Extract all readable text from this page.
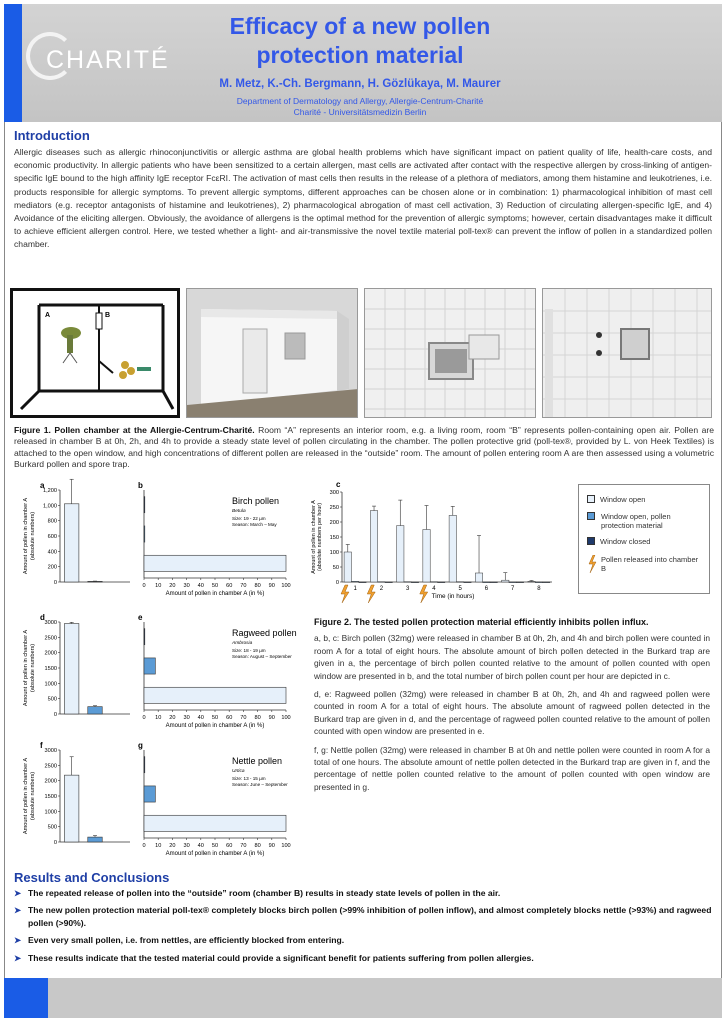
CHARITÉ
Efficacy of a new pollen protection material
M. Metz, K.-Ch. Bergmann, H. Gözlükaya, M. Maurer
Department of Dermatology and Allergy, Allergie-Centrum-Charité
Charité - Universitätsmedizin Berlin
Introduction
Allergic diseases such as allergic rhinoconjunctivitis or allergic asthma are global health problems which have significant impact on patient quality of life, health-care costs, and economic productivity. In allergic patients who have been sensitized to a certain allergen, mast cells are activated after contact with the respective allergen by cross-linking of antigen-specific IgE bound to the high affinity IgE receptor FcεRI. The activation of mast cells then results in the release of a plethora of mediators, among them histamine and leukotrienes, i.e. products responsible for allergic symptoms. To prevent allergic symptoms, different approaches can be chosen alone or in combination: 1) pharmacological inhibition of mast cell mediators (e.g. receptor antagonists of histamine and leukotrienes), 2) pharmacological abrogation of mast cell activation, 3) Reduction of circulating allergen-specific IgE, and 4) Avoidance of the eliciting allergen. Obviously, the avoidance of allergens is the optimal method for the prevention of allergic symptoms; however, certain disadvantages make it difficult to achieve efficient allergen control. Here, we tested whether a light- and air-transmissive the novel textile material poll-tex® can prevent the inflow of pollen in a standardized pollen chamber.
A	B
Figure 1. Pollen chamber at the Allergie-Centrum-Charité. Room “A” represents an interior room, e.g. a living room, room “B” represents pollen-containing open air. Pollen are released in chamber B at 0h, 2h, and 4h to provide a steady state level of pollen circulating in the chamber. The pollen protective grid (poll-tex®, provided by L. von Heek Textiles) is attached to the open window, and high concentrations of different pollen are released in the “outside” room. The amount of pollen entering room A are then assessed using a volumetric Burkard pollen and spore trap.
a
Amount of pollen in chamber A(absolute numbers)
0
200
400
600
800
1,000
1,200
b
0 10 20 30 40 50 60 70 80 90 100
Amount of pollen in chamber A (in %)
Birch pollen
Betula
Size: 19 - 22 µm
Season: March – May
c
Amount of pollen in chamber A(absolute numbers per hour)
0
50
100
150
200
250
300
1	2	3	4	5	6	7	8
Time (in hours)
d
Amount of pollen in chamber A(absolute numbers)
0
500
1000
1500
2000
2500
3000
e
0 10 20 30 40 50 60 70 80 90 100
Amount of pollen in chamber A (in %)
Ragweed pollen
Ambrosia
Size: 18 - 19 µm
Season: August – September
f
Amount of pollen in chamber A(absolute numbers)
0
500
1000
1500
2000
2500
3000
g
0 10 20 30 40 50 60 70 80 90 100
Amount of pollen in chamber A (in %)
Nettle pollen
Urtica
Size: 13 - 15 µm
Season: June – September
Window open
Window open, pollen protection material
Window closed
Pollen released into chamber B

Figure 2. The tested pollen protection material efficiently inhibits pollen influx.

a, b, c: Birch pollen (32mg) were released in chamber B at 0h, 2h, and 4h and birch pollen were counted in room A for a total of eight hours. The absolute amount of birch pollen detected in the Burkard trap are given in a, the percentage of birch pollen counted relative to the amount of pollen counted with open window are presented in b, and the total number of birch pollen count per hour are depicted in c.

d, e: Ragweed pollen (32mg) were released in chamber B at 0h, 2h, and 4h and ragweed pollen were counted in room A for a total of eight hours. The absolute amount of ragweed pollen detected in the Burkard trap are given in d, and the percentage of ragweed pollen counted relative to the amount of pollen counted with open window are presented in e.

f, g: Nettle pollen (32mg) were released in chamber B at 0h and nettle pollen were counted in room A for a total of one hours. The absolute amount of nettle pollen detected in the Burkard trap are given in f, and the percentage of nettle pollen counted relative to the amount of pollen counted with open window are presented in g.

Results and Conclusions
➤ The repeated release of pollen into the “outside” room (chamber B) results in steady state levels of pollen in the air.
➤ The new pollen protection material poll-tex® completely blocks birch pollen (>99% inhibition of pollen inflow), and almost completely blocks nettle (>93%) and ragweed pollen (>90%).
➤ Even very small pollen, i.e. from nettles, are efficiently blocked from entering.
➤ These results indicate that the tested material could provide a significant benefit for patients suffering from pollen allergies.
